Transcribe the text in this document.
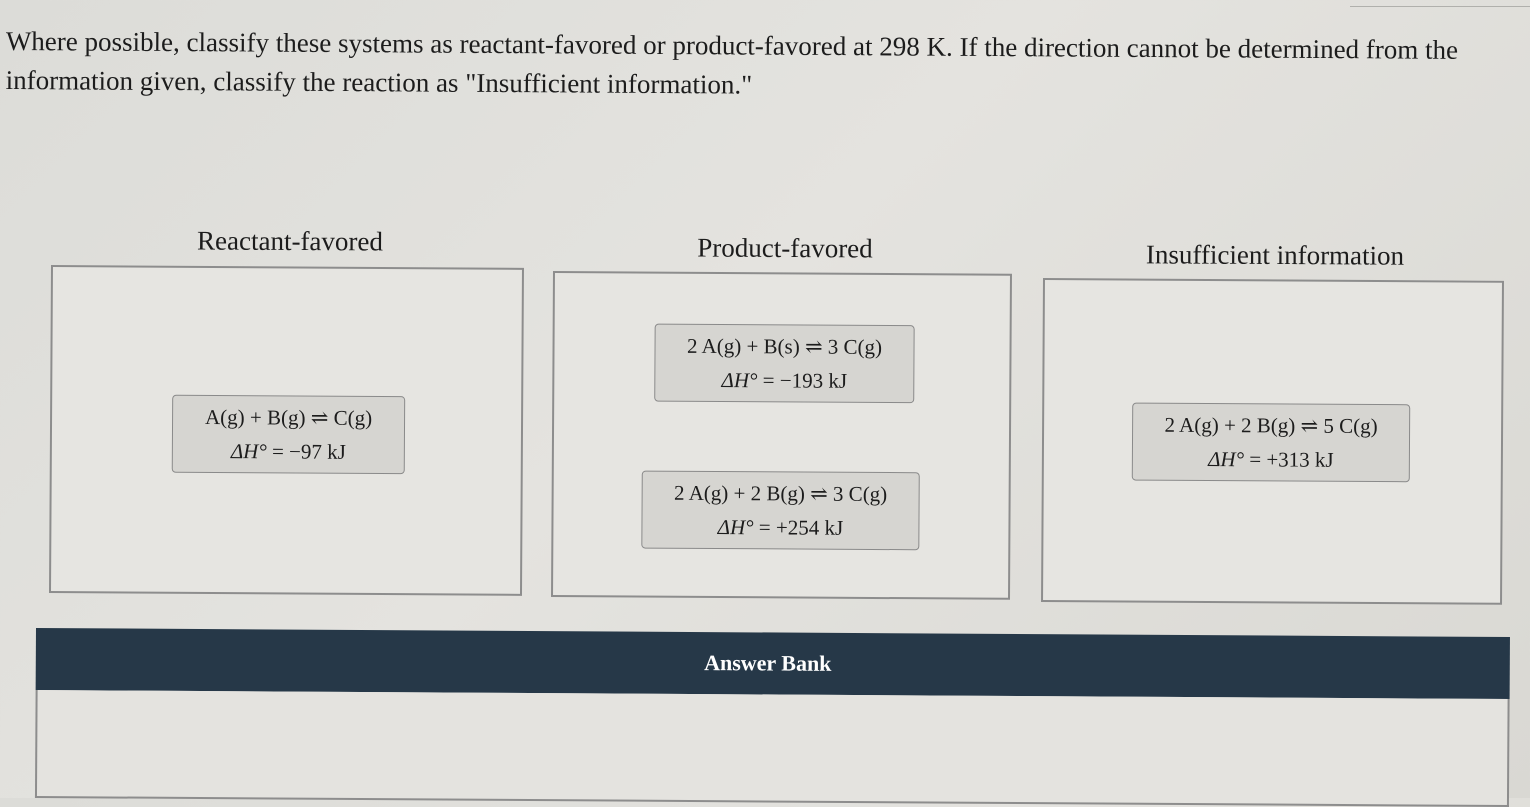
Where possible, classify these systems as reactant-favored or product-favored at 298 K. If the direction cannot be determined from the information given, classify the reaction as "Insufficient information."
Reactant-favored	Product-favored	Insufficient information
A(g) + B(g) ⇌ C(g)
ΔH° = −97 kJ
2 A(g) + B(s) ⇌ 3 C(g)
ΔH° = −193 kJ
2 A(g) + 2 B(g) ⇌ 3 C(g)
ΔH° = +254 kJ
2 A(g) + 2 B(g) ⇌ 5 C(g)
ΔH° = +313 kJ
Answer Bank
